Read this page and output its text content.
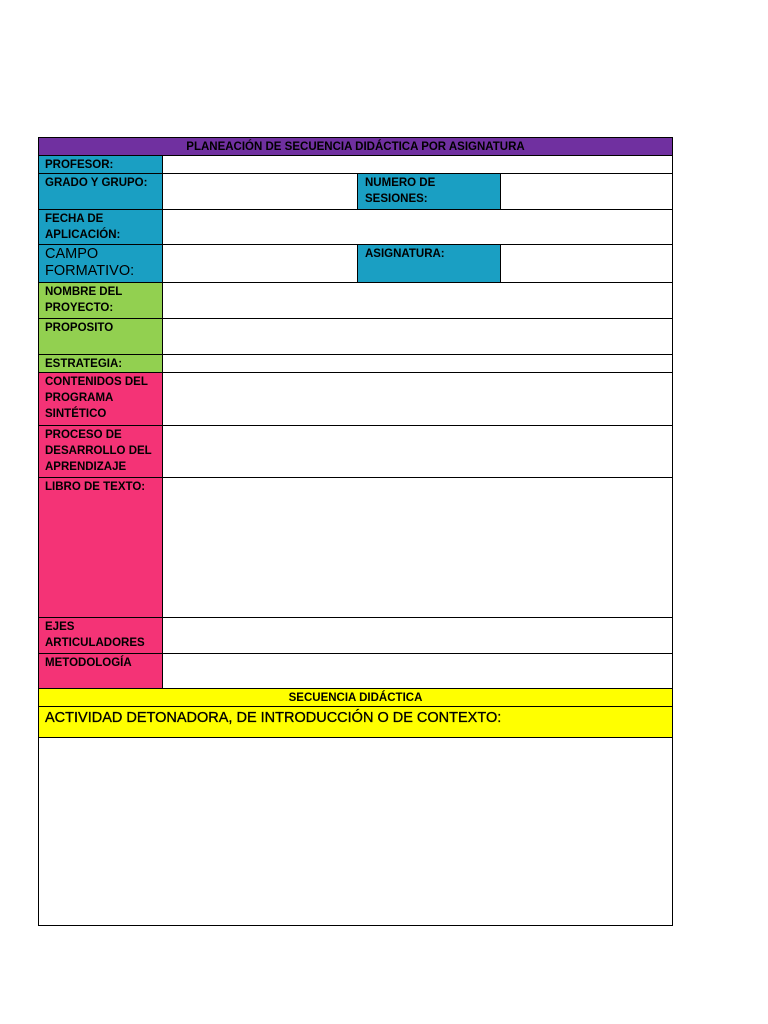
PLANEACIÓN DE SECUENCIA DIDÁCTICA POR ASIGNATURA
PROFESOR:
GRADO Y GRUPO:	NUMERO DE SESIONES:
FECHA DE APLICACIÓN:
CAMPO FORMATIVO:
ASIGNATURA:
NOMBRE DEL PROYECTO:
PROPOSITO
ESTRATEGIA:
CONTENIDOS DEL PROGRAMA SINTÉTICO
PROCESO DE DESARROLLO DEL APRENDIZAJE
LIBRO DE TEXTO:
EJES ARTICULADORES
METODOLOGÍA
SECUENCIA DIDÁCTICA
ACTIVIDAD DETONADORA, DE INTRODUCCIÓN O DE CONTEXTO:
